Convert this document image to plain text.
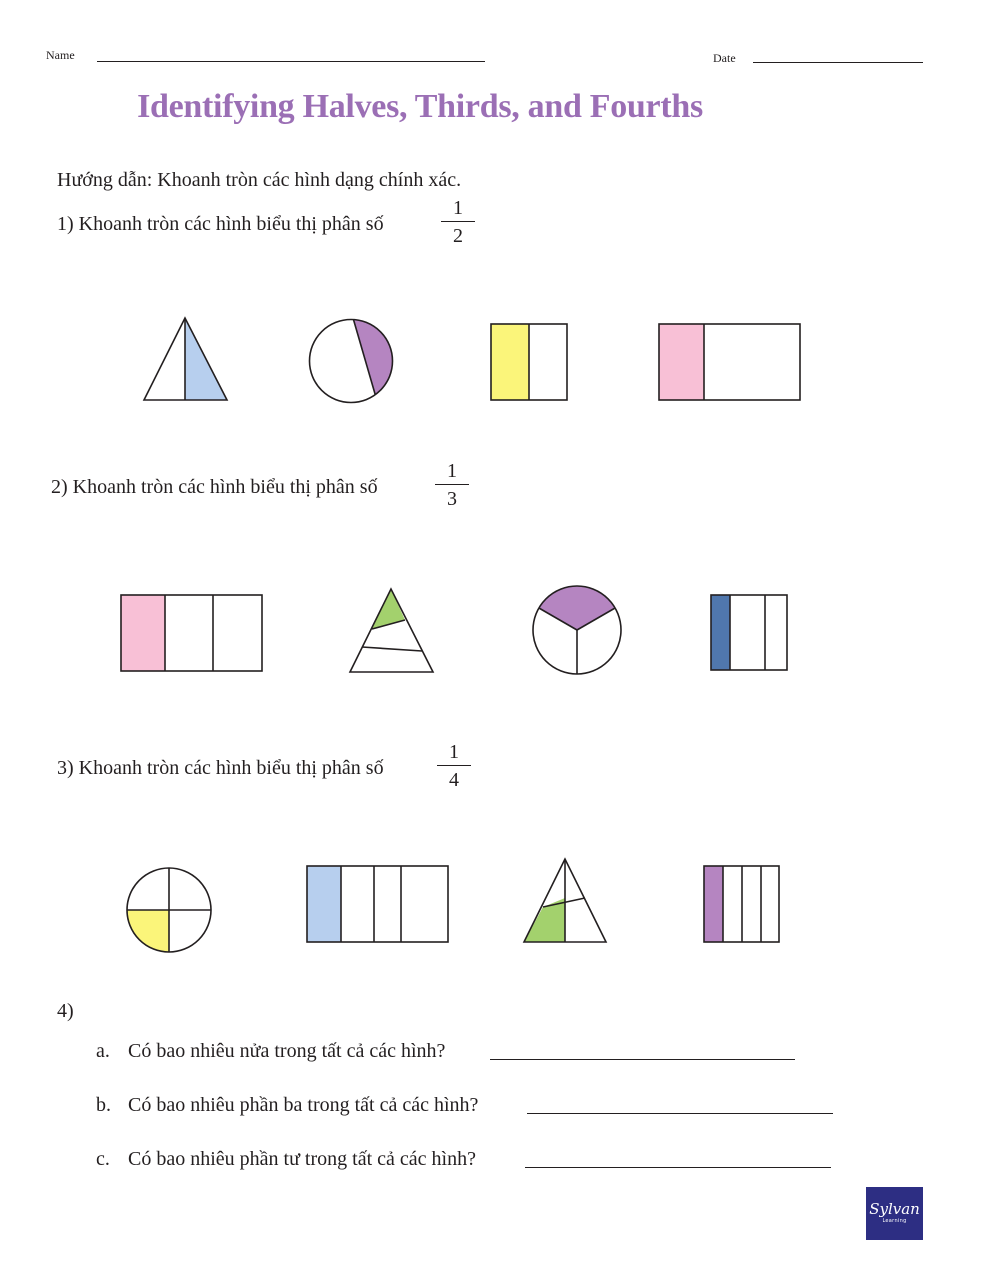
Name	Date
Identifying Halves, Thirds, and Fourths
Hướng dẫn: Khoanh tròn các hình dạng chính xác.
1) Khoanh tròn các hình biểu thị phân số
1
2
2) Khoanh tròn các hình biểu thị phân số
1
3
3) Khoanh tròn các hình biểu thị phân số
1
4
4)
a. Có bao nhiêu nửa trong tất cả các hình?
b. Có bao nhiêu phần ba trong tất cả các hình?
c. Có bao nhiêu phần tư trong tất cả các hình?
Sylvan
Learning
